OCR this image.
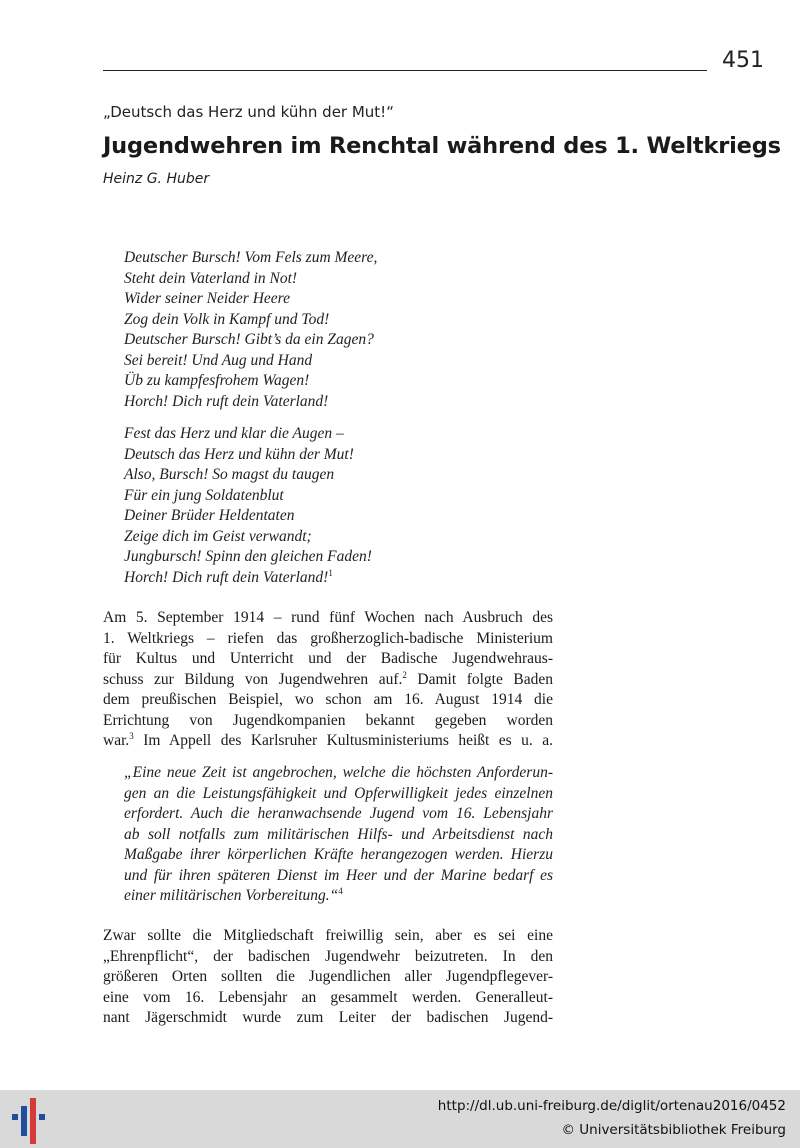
451
„Deutsch das Herz und kühn der Mut!“
Jugendwehren im Renchtal während des 1. Weltkriegs
Heinz G. Huber
Deutscher Bursch! Vom Fels zum Meere,
Steht dein Vaterland in Not!
Wider seiner Neider Heere
Zog dein Volk in Kampf und Tod!
Deutscher Bursch! Gibt’s da ein Zagen?
Sei bereit! Und Aug und Hand
Üb zu kampfesfrohem Wagen!
Horch! Dich ruft dein Vaterland!
Fest das Herz und klar die Augen –
Deutsch das Herz und kühn der Mut!
Also, Bursch! So magst du taugen
Für ein jung Soldatenblut
Deiner Brüder Heldentaten
Zeige dich im Geist verwandt;
Jungbursch! Spinn den gleichen Faden!
Horch! Dich ruft dein Vaterland!$^1$
Am 5. September 1914 – rund fünf Wochen nach Ausbruch des
1. Weltkriegs – riefen das großherzoglich-badische Ministerium
für Kultus und Unterricht und der Badische Jugendwehraus-
schuss zur Bildung von Jugendwehren auf.$^2$ Damit folgte Baden
dem preußischen Beispiel, wo schon am 16. August 1914 die
Errichtung von Jugendkompanien bekannt gegeben worden
war.$^3$ Im Appell des Karlsruher Kultusministeriums heißt es u. a.
„Eine neue Zeit ist angebrochen, welche die höchsten Anforderun-
gen an die Leistungsfähigkeit und Opferwilligkeit jedes einzelnen
erfordert. Auch die heranwachsende Jugend vom 16. Lebensjahr
ab soll notfalls zum militärischen Hilfs- und Arbeitsdienst nach
Maßgabe ihrer körperlichen Kräfte herangezogen werden. Hierzu
und für ihren späteren Dienst im Heer und der Marine bedarf es
einer militärischen Vorbereitung.“$^4$
Zwar sollte die Mitgliedschaft freiwillig sein, aber es sei eine
„Ehrenpflicht“, der badischen Jugendwehr beizutreten. In den
größeren Orten sollten die Jugendlichen aller Jugendpflegever-
eine vom 16. Lebensjahr an gesammelt werden. Generalleut-
nant Jägerschmidt wurde zum Leiter der badischen Jugend-
http://dl.ub.uni-freiburg.de/diglit/ortenau2016/0452
© Universitätsbibliothek Freiburg
